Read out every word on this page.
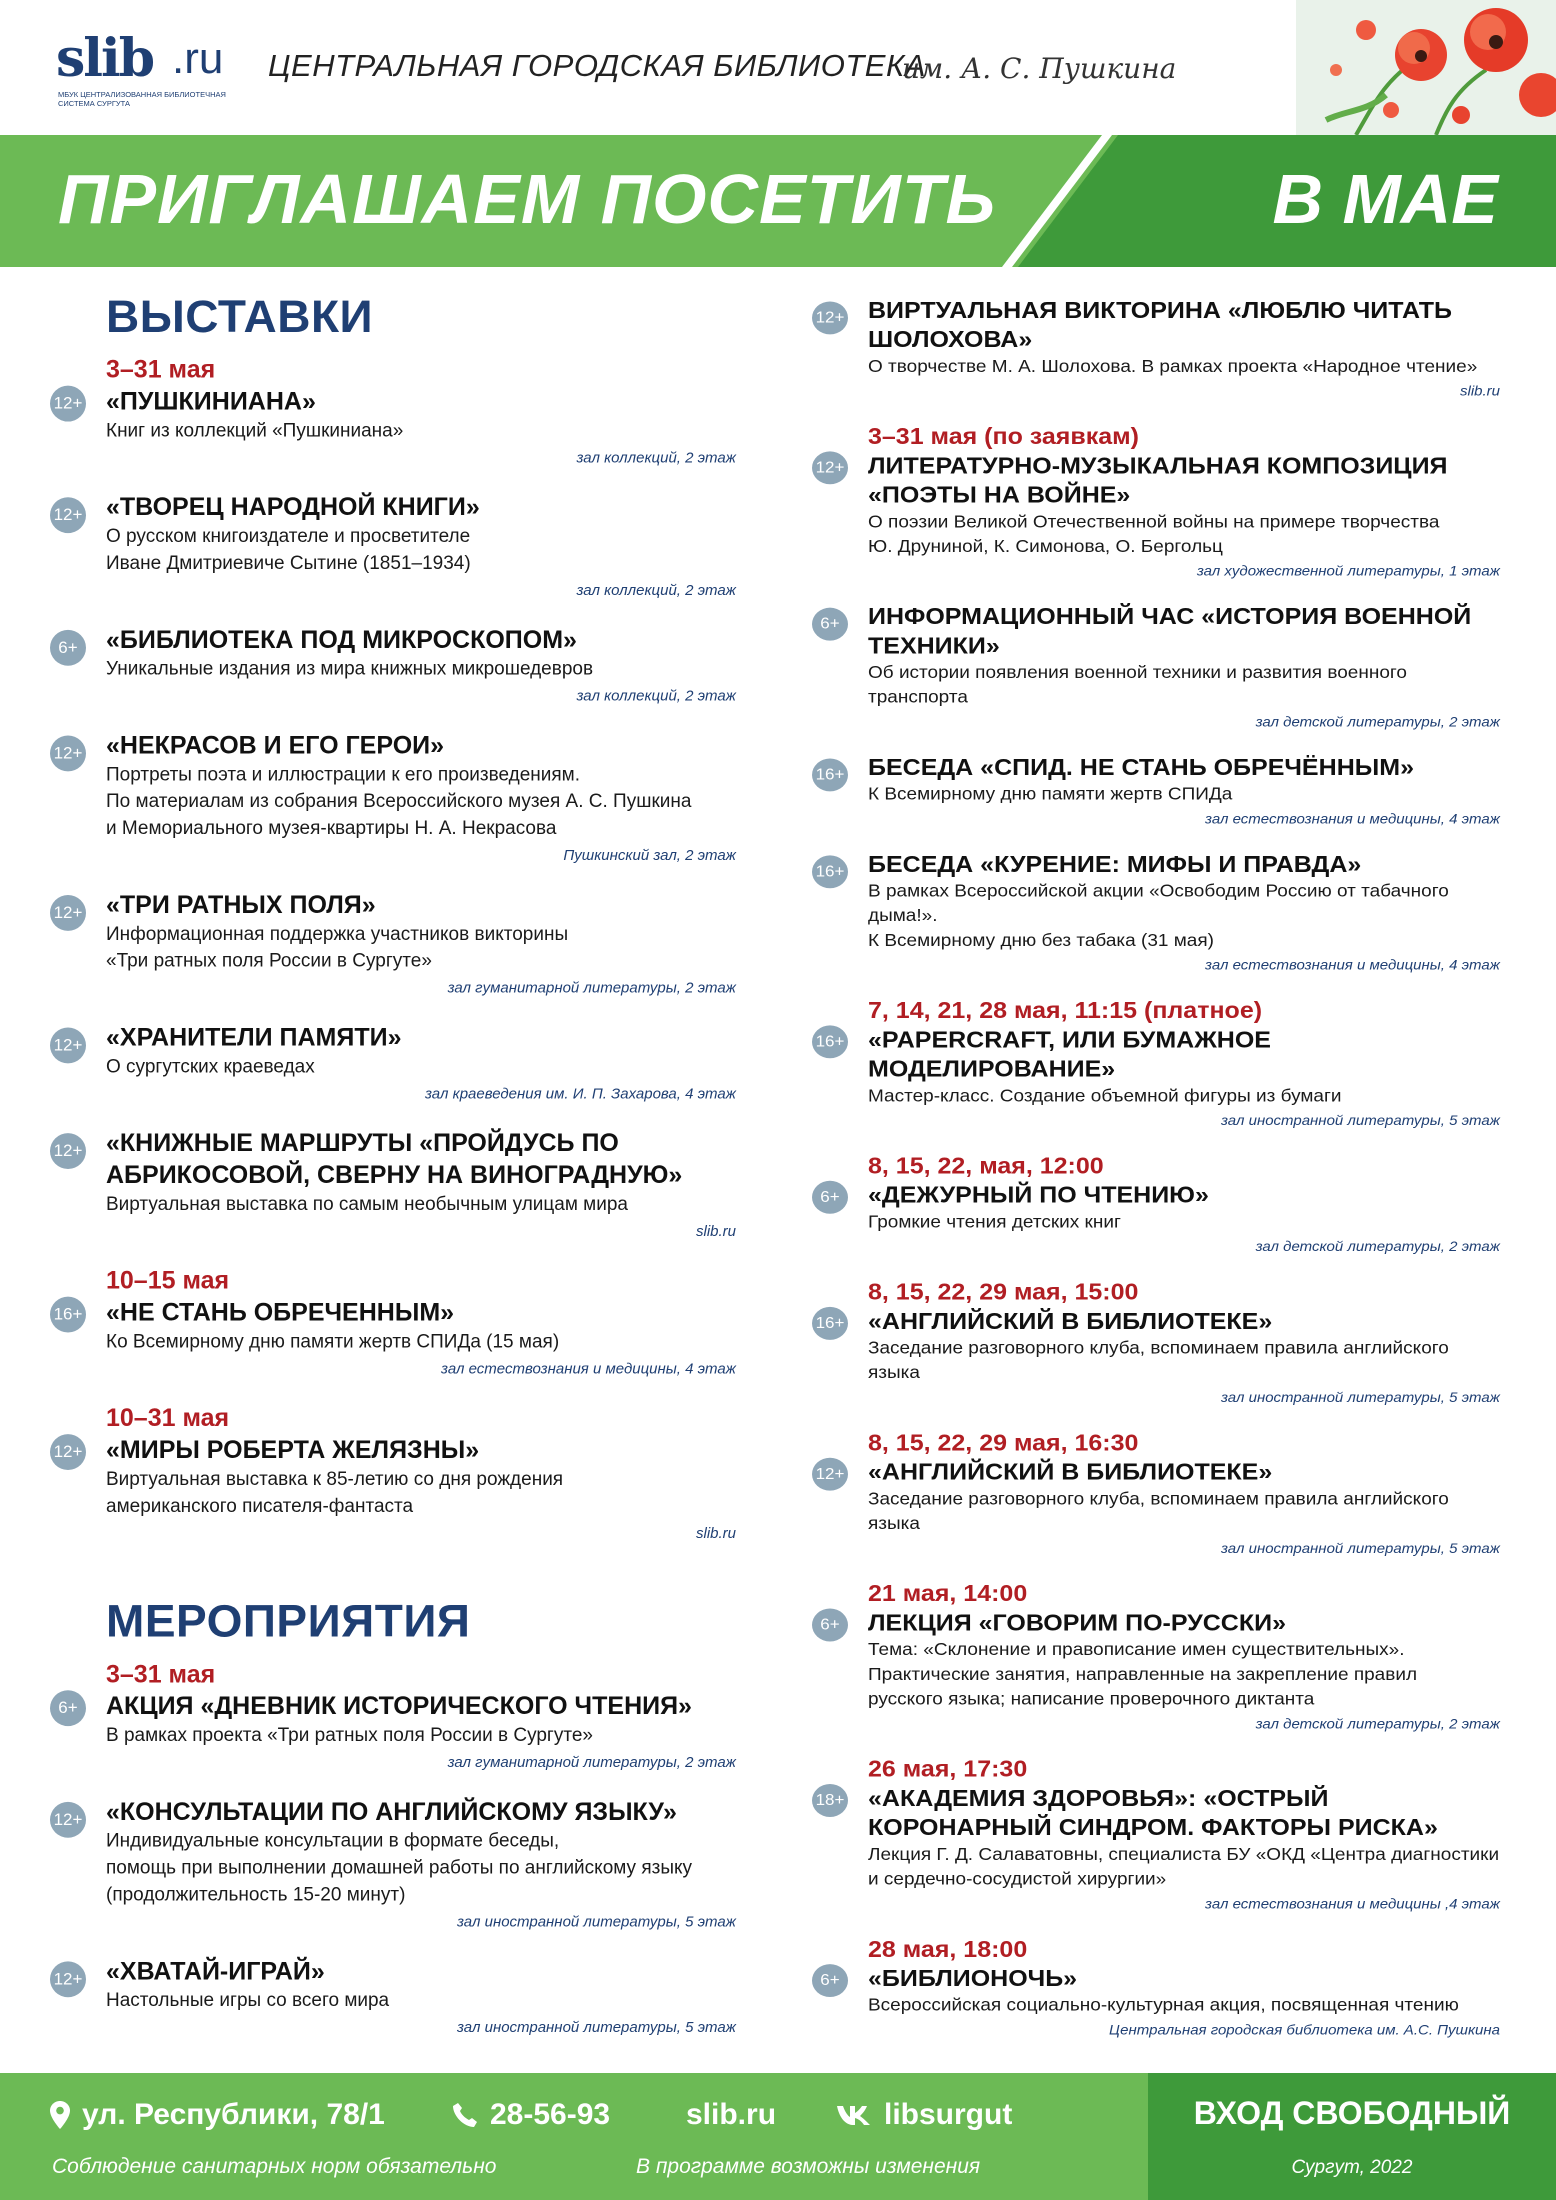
slib .ru
МБУК ЦЕНТРАЛИЗОВАННАЯ БИБЛИОТЕЧНАЯ СИСТЕМА СУРГУТА
ЦЕНТРАЛЬНАЯ ГОРОДСКАЯ БИБЛИОТЕКА
им. А. С. Пушкина
ПРИГЛАШАЕМ ПОСЕТИТЬ	В МАЕ
ВЫСТАВКИ
12+
3–31 мая
«ПУШКИНИАНА»
Книг из коллекций «Пушкиниана»
зал коллекций, 2 этаж
12+ «ТВОРЕЦ НАРОДНОЙ КНИГИ»
О русском книгоиздателе и просветителе
Иване Дмитриевиче Сытине (1851–1934)
зал коллекций, 2 этаж
6+	«БИБЛИОТЕКА ПОД МИКРОСКОПОМ»
Уникальные издания из мира книжных микрошедевров
зал коллекций, 2 этаж
12+ «НЕКРАСОВ И ЕГО ГЕРОИ»
Портреты поэта и иллюстрации к его произведениям.
По материалам из собрания Всероссийского музея А. С. Пушкина
и Мемориального музея-квартиры Н. А. Некрасова
Пушкинский зал, 2 этаж
12+ «ТРИ РАТНЫХ ПОЛЯ»
Информационная поддержка участников викторины
«Три ратных поля России в Сургуте»
зал гуманитарной литературы, 2 этаж
12+ «ХРАНИТЕЛИ ПАМЯТИ»
О сургутских краеведах
зал краеведения им. И. П. Захарова, 4 этаж
12+ «КНИЖНЫЕ МАРШРУТЫ «ПРОЙДУСЬ ПО АБРИКОСОВОЙ, СВЕРНУ НА ВИНОГРАДНУЮ»
Виртуальная выставка по самым необычным улицам мира
slib.ru
16+
10–15 мая
«НЕ СТАНЬ ОБРЕЧЕННЫМ»
Ко Всемирному дню памяти жертв СПИДа (15 мая)
зал естествознания и медицины, 4 этаж
12+
10–31 мая
«МИРЫ РОБЕРТА ЖЕЛЯЗНЫ»
Виртуальная выставка к 85-летию со дня рождения
американского писателя-фантаста
slib.ru
МЕРОПРИЯТИЯ
6+
3–31 мая
АКЦИЯ «ДНЕВНИК ИСТОРИЧЕСКОГО ЧТЕНИЯ»
В рамках проекта «Три ратных поля России в Сургуте»
зал гуманитарной литературы, 2 этаж
12+ «КОНСУЛЬТАЦИИ ПО АНГЛИЙСКОМУ ЯЗЫКУ»
Индивидуальные консультации в формате беседы,
помощь при выполнении домашней работы по английскому языку
(продолжительность 15-20 минут)
зал иностранной литературы, 5 этаж
12+ «ХВАТАЙ-ИГРАЙ»
Настольные игры со всего мира
зал иностранной литературы, 5 этаж
12+ ВИРТУАЛЬНАЯ ВИКТОРИНА «ЛЮБЛЮ ЧИТАТЬ ШОЛОХОВА»
О творчестве М. А. Шолохова. В рамках проекта «Народное чтение»
slib.ru
12+
3–31 мая (по заявкам)
ЛИТЕРАТУРНО-МУЗЫКАЛЬНАЯ КОМПОЗИЦИЯ «ПОЭТЫ НА ВОЙНЕ»
О поэзии Великой Отечественной войны на примере творчества
Ю. Друниной, К. Симонова, О. Бергольц
зал художественной литературы, 1 этаж
6+	ИНФОРМАЦИОННЫЙ ЧАС «ИСТОРИЯ ВОЕННОЙ ТЕХНИКИ»
Об истории появления военной техники и развития военного транспорта
зал детской литературы, 2 этаж
16+ БЕСЕДА «СПИД. НЕ СТАНЬ ОБРЕЧЁННЫМ»
К Всемирному дню памяти жертв СПИДа
зал естествознания и медицины, 4 этаж
16+ БЕСЕДА «КУРЕНИЕ: МИФЫ И ПРАВДА»
В рамках Всероссийской акции «Освободим Россию от табачного дыма!».
К Всемирному дню без табака (31 мая)
зал естествознания и медицины, 4 этаж
16+
7, 14, 21, 28 мая, 11:15 (платное)
«PAPERCRAFT, ИЛИ БУМАЖНОЕ МОДЕЛИРОВАНИЕ»
Мастер-класс. Создание объемной фигуры из бумаги
зал иностранной литературы, 5 этаж
6+
8, 15, 22, мая, 12:00
«ДЕЖУРНЫЙ ПО ЧТЕНИЮ»
Громкие чтения детских книг
зал детской литературы, 2 этаж
16+
8, 15, 22, 29 мая, 15:00
«АНГЛИЙСКИЙ В БИБЛИОТЕКЕ»
Заседание разговорного клуба, вспоминаем правила английского языка
зал иностранной литературы, 5 этаж
12+
8, 15, 22, 29 мая, 16:30
«АНГЛИЙСКИЙ В БИБЛИОТЕКЕ»
Заседание разговорного клуба, вспоминаем правила английского языка
зал иностранной литературы, 5 этаж
6+
21 мая, 14:00
ЛЕКЦИЯ «ГОВОРИМ ПО-РУССКИ»
Тема: «Склонение и правописание имен существительных».
Практические занятия, направленные на закрепление правил
русского языка; написание проверочного диктанта
зал детской литературы, 2 этаж
18+
26 мая, 17:30
«АКАДЕМИЯ ЗДОРОВЬЯ»: «ОСТРЫЙ КОРОНАРНЫЙ СИНДРОМ. ФАКТОРЫ РИСКА»
Лекция Г. Д. Салаватовны, специалиста БУ «ОКД «Центра диагностики
и сердечно-сосудистой хирургии»
зал естествознания и медицины ,4 этаж
6+
28 мая, 18:00
«БИБЛИОНОЧЬ»
Всероссийская социально-культурная акция, посвященная чтению
Центральная городская библиотека им. А.С. Пушкина
ул. Республики, 78/1	28-56-93	slib.ru	libsurgut
Соблюдение санитарных норм обязательно	В программе возможны изменения
ВХОД СВОБОДНЫЙ
Сургут, 2022
